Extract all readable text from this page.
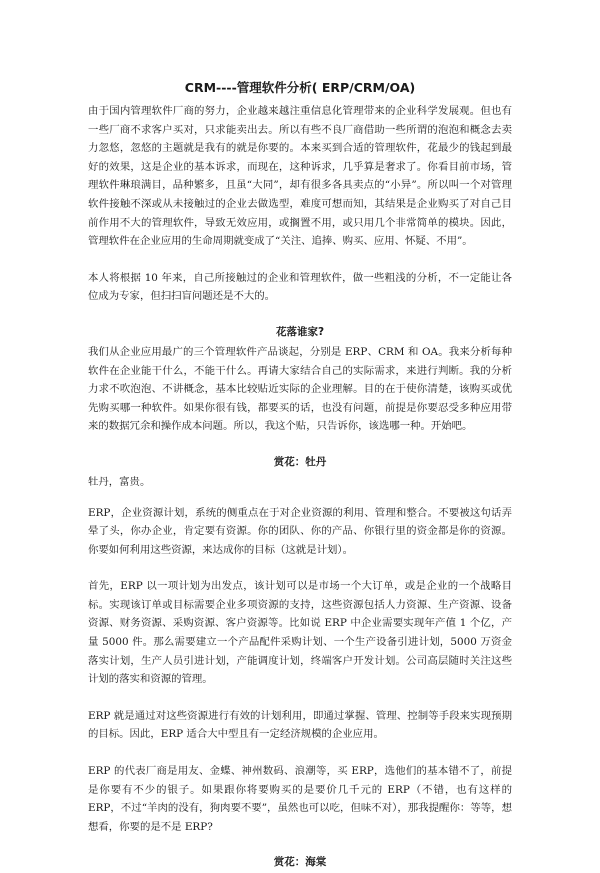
CRM----管理软件分析( ERP/CRM/OA)

由于国内管理软件厂商的努力，企业越来越注重信息化管理带来的企业科学发展观。但也有一些厂商不求客户买对，只求能卖出去。所以有些不良厂商借助一些所谓的泡泡和概念去卖力忽悠，忽悠的主题就是我有的就是你要的。本来买到合适的管理软件，花最少的钱起到最好的效果，这是企业的基本诉求，而现在，这种诉求，几乎算是奢求了。你看目前市场，管理软件琳琅满目，品种繁多，且虽“大同”，却有很多各具卖点的“小异”。所以叫一个对管理软件接触不深或从未接触过的企业去做选型，难度可想而知，其结果是企业购买了对自己目前作用不大的管理软件，导致无效应用，或搁置不用，或只用几个非常简单的模块。因此，管理软件在企业应用的生命周期就变成了“关注、追捧、购买、应用、怀疑、不用”。

本人将根据 10 年来，自己所接触过的企业和管理软件，做一些粗浅的分析，不一定能让各位成为专家，但扫扫盲问题还是不大的。

花落谁家?

我们从企业应用最广的三个管理软件产品谈起，分别是 ERP、CRM 和 OA。我来分析每种软件在企业能干什么，不能干什么。再请大家结合自己的实际需求，来进行判断。我的分析力求不吹泡泡、不讲概念，基本比较贴近实际的企业理解。目的在于使你清楚，该购买或优先购买哪一种软件。如果你很有钱，都要买的话，也没有问题，前提是你要忍受多种应用带来的数据冗余和操作成本问题。所以，我这个贴，只告诉你，该选哪一种。开始吧。

赏花：牡丹

牡丹，富贵。

ERP，企业资源计划，系统的侧重点在于对企业资源的利用、管理和整合。不要被这句话弄晕了头，你办企业，肯定要有资源。你的团队、你的产品、你银行里的资金都是你的资源。你要如何利用这些资源，来达成你的目标（这就是计划）。

首先，ERP 以一项计划为出发点，该计划可以是市场一个大订单，或是企业的一个战略目标。实现该订单或目标需要企业多项资源的支持，这些资源包括人力资源、生产资源、设备资源、财务资源、采购资源、客户资源等。比如说 ERP 中企业需要实现年产值 1 个亿，产量 5000 件。那么需要建立一个产品配件采购计划、一个生产设备引进计划，5000 万资金落实计划，生产人员引进计划，产能调度计划，终端客户开发计划。公司高层随时关注这些计划的落实和资源的管理。

ERP 就是通过对这些资源进行有效的计划利用，即通过掌握、管理、控制等手段来实现预期的目标。因此，ERP 适合大中型且有一定经济规模的企业应用。

ERP 的代表厂商是用友、金蝶、神州数码、浪潮等，买 ERP，选他们的基本错不了，前提是你要有不少的银子。如果跟你将要购买的是要价几千元的 ERP（不错，也有这样的 ERP，不过“羊肉的没有，狗肉要不要”，虽然也可以吃，但味不对），那我提醒你：等等，想想看，你要的是不是 ERP?

赏花：海棠
